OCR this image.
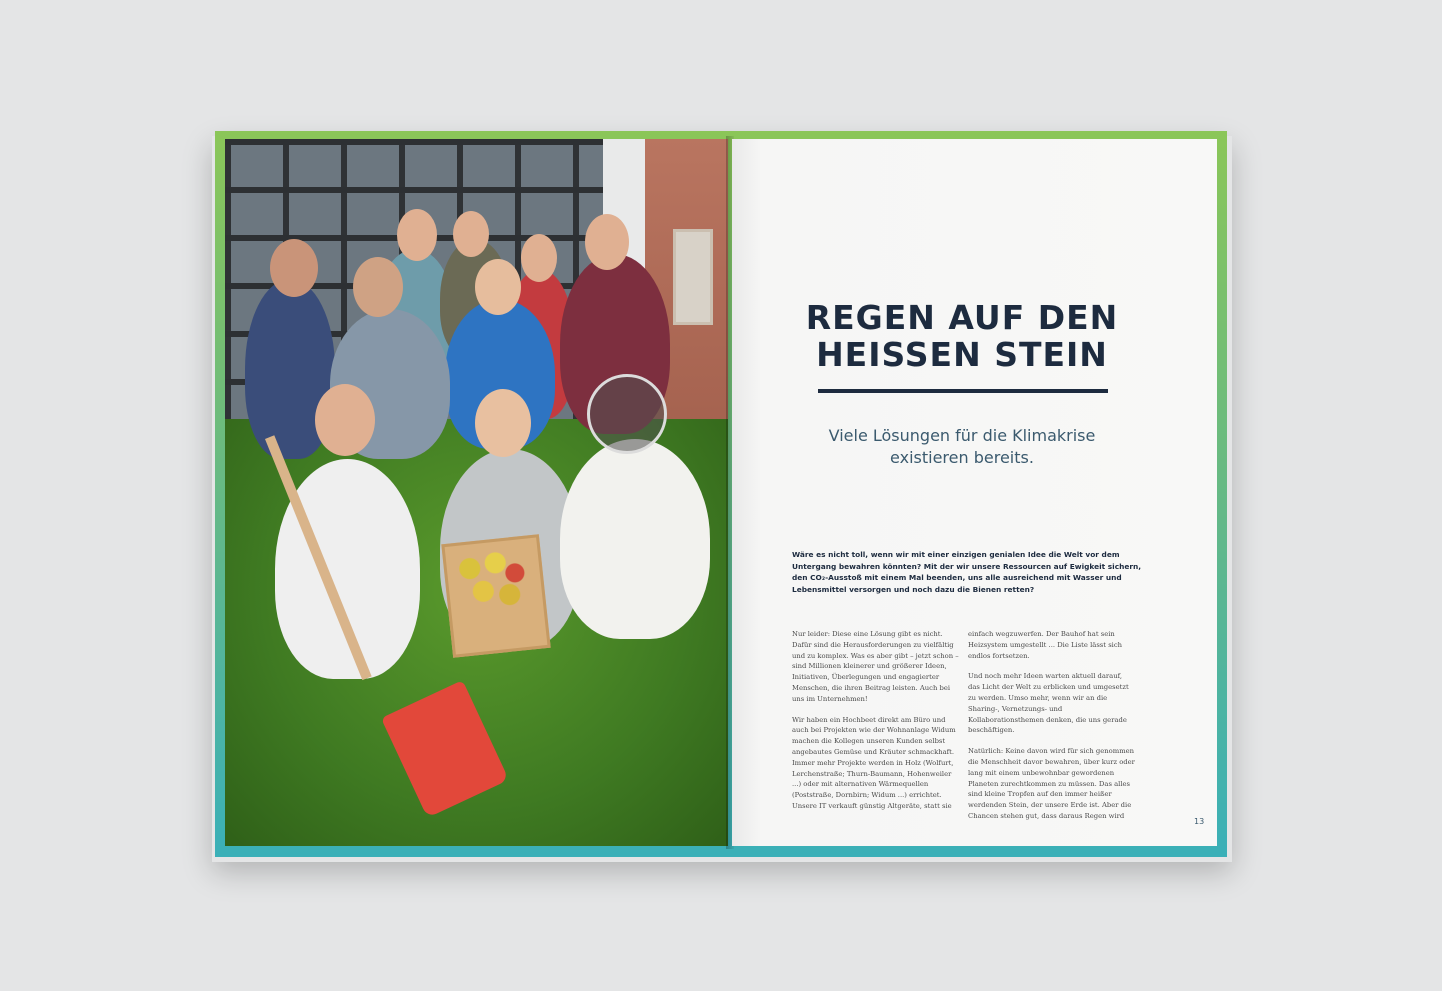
REGEN AUF DEN
HEISSEN STEIN
Viele Lösungen für die Klimakrise
existieren bereits.
Wäre es nicht toll, wenn wir mit einer einzigen genialen Idee die Welt vor dem Untergang bewahren könnten? Mit der wir unsere Ressourcen auf Ewigkeit sichern, den CO₂-Ausstoß mit einem Mal beenden, uns alle ausreichend mit Wasser und Lebensmittel versorgen und noch dazu die Bienen retten?

Nur leider: Diese eine Lösung gibt es nicht. Dafür sind die Herausforderungen zu vielfältig und zu komplex. Was es aber gibt – jetzt schon – sind Millionen kleinerer und größerer Ideen, Initiativen, Überlegungen und engagierter Menschen, die ihren Beitrag leisten. Auch bei uns im Unternehmen!

Wir haben ein Hochbeet direkt am Büro und auch bei Projekten wie der Wohnanlage Widum machen die Kollegen unseren Kunden selbst angebautes Gemüse und Kräuter schmackhaft. Immer mehr Projekte werden in Holz (Wolfurt, Lerchenstraße; Thurn-Baumann, Hohenweiler ...) oder mit alternativen Wärmequellen (Poststraße, Dornbirn; Widum ...) errichtet. Unsere IT verkauft günstig Altgeräte, statt sie

einfach wegzuwerfen. Der Bauhof hat sein Heizsystem umgestellt ... Die Liste lässt sich endlos fortsetzen.

Und noch mehr Ideen warten aktuell darauf, das Licht der Welt zu erblicken und umgesetzt zu werden. Umso mehr, wenn wir an die Sharing-, Vernetzungs- und Kollaborationsthemen denken, die uns gerade beschäftigen.

Natürlich: Keine davon wird für sich genommen die Menschheit davor bewahren, über kurz oder lang mit einem unbewohnbar gewordenen Planeten zurechtkommen zu müssen. Das alles sind kleine Tropfen auf den immer heißer werdenden Stein, der unsere Erde ist. Aber die Chancen stehen gut, dass daraus Regen wird

13
